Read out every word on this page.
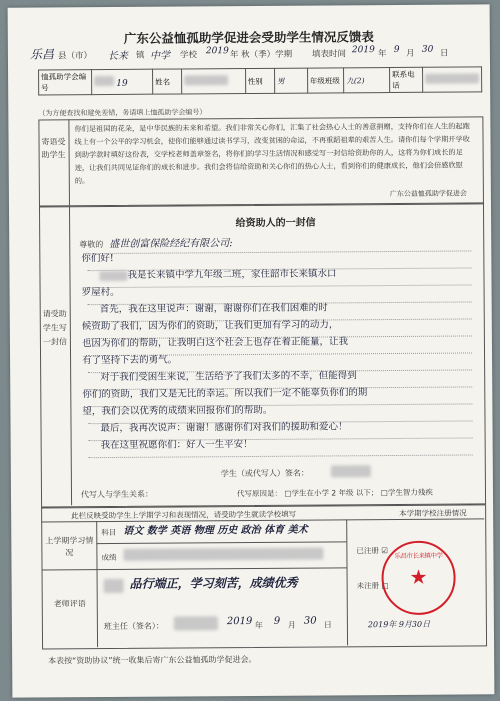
广东公益恤孤助学促进会受助学生情况反馈表
乐昌 县（市） 长来 镇 中学 学校 2019 年 秋（季）学期 填表时间 2019 年 9 月 30 日
恤孤助学会编号	19	姓名		性别	男	年级班级	九(2)	联系电话	
（为方便查找和避免差错，务请填上恤孤助学会编号）
寄语受助学生
你们是祖国的花朵，是中华民族的未来和希望。我们非常关心你们，汇集了社会热心人士的善意捐赠，支持你们在人生的起跑线上有一个公平的学习机会，使你们能够通过读书学习，改变贫困的命运，不再重蹈祖辈的艰苦人生。请你们每个学期开学收到助学款时填好这份表，交学校老师盖章签名，将你们的学习生活情况和感受写一封信给资助你的人，这将为你们成长的足迹，让我们共同见证你们的成长和进步。我们会将信给资助和关心你们的热心人士，看到你们的健康成长，他们会倍感欣慰的。
广东公益恤孤助学促进会
请受助学生写一封信
给资助人的一封信
尊敬的 盛世创富保险经纪有限公司:
你们好!
我是长来镇中学九年级二班，家住韶市长来镇水口
罗屋村。
首先，我在这里说声：谢谢，谢谢你们在我们困难的时
候资助了我们，因为你们的资助，让我们更加有学习的动力，
也因为你们的帮助，让我明白这个社会上也存在着正能量，让我
有了坚持下去的勇气。
对于我们受困生来说，生活给予了我们太多的不幸，但能得到
你们的资助，我们又是无比的幸运。所以我们一定不能辜负你们的期
望，我们会以优秀的成绩来回报你们的帮助。
最后，我再次说声：谢谢！感谢你们对我们的援助和爱心！
我在这里祝愿你们：好人一生平安！
学生（或代写人）签名：
代写人与学生关系：	代写原因是： □学生在小学 2 年级 以下； □学生智力残疾
此栏反映受助学生上学期学习和表现情况，请受助学生就读学校填写	本学期学校注册情况
上学期学习情况
科目 语文 数学 英语 物理 历史 政治 体育 美术
成绩
老师评语
品行端正，学习刻苦，成绩优秀
班主任（签名）：	2019 年 9 月 30 日
已注册 ☑
未注册 □
乐昌市长来镇中学
★
2019年 9月30日
本表按“资助协议”统一收集后寄广东公益恤孤助学促进会。
